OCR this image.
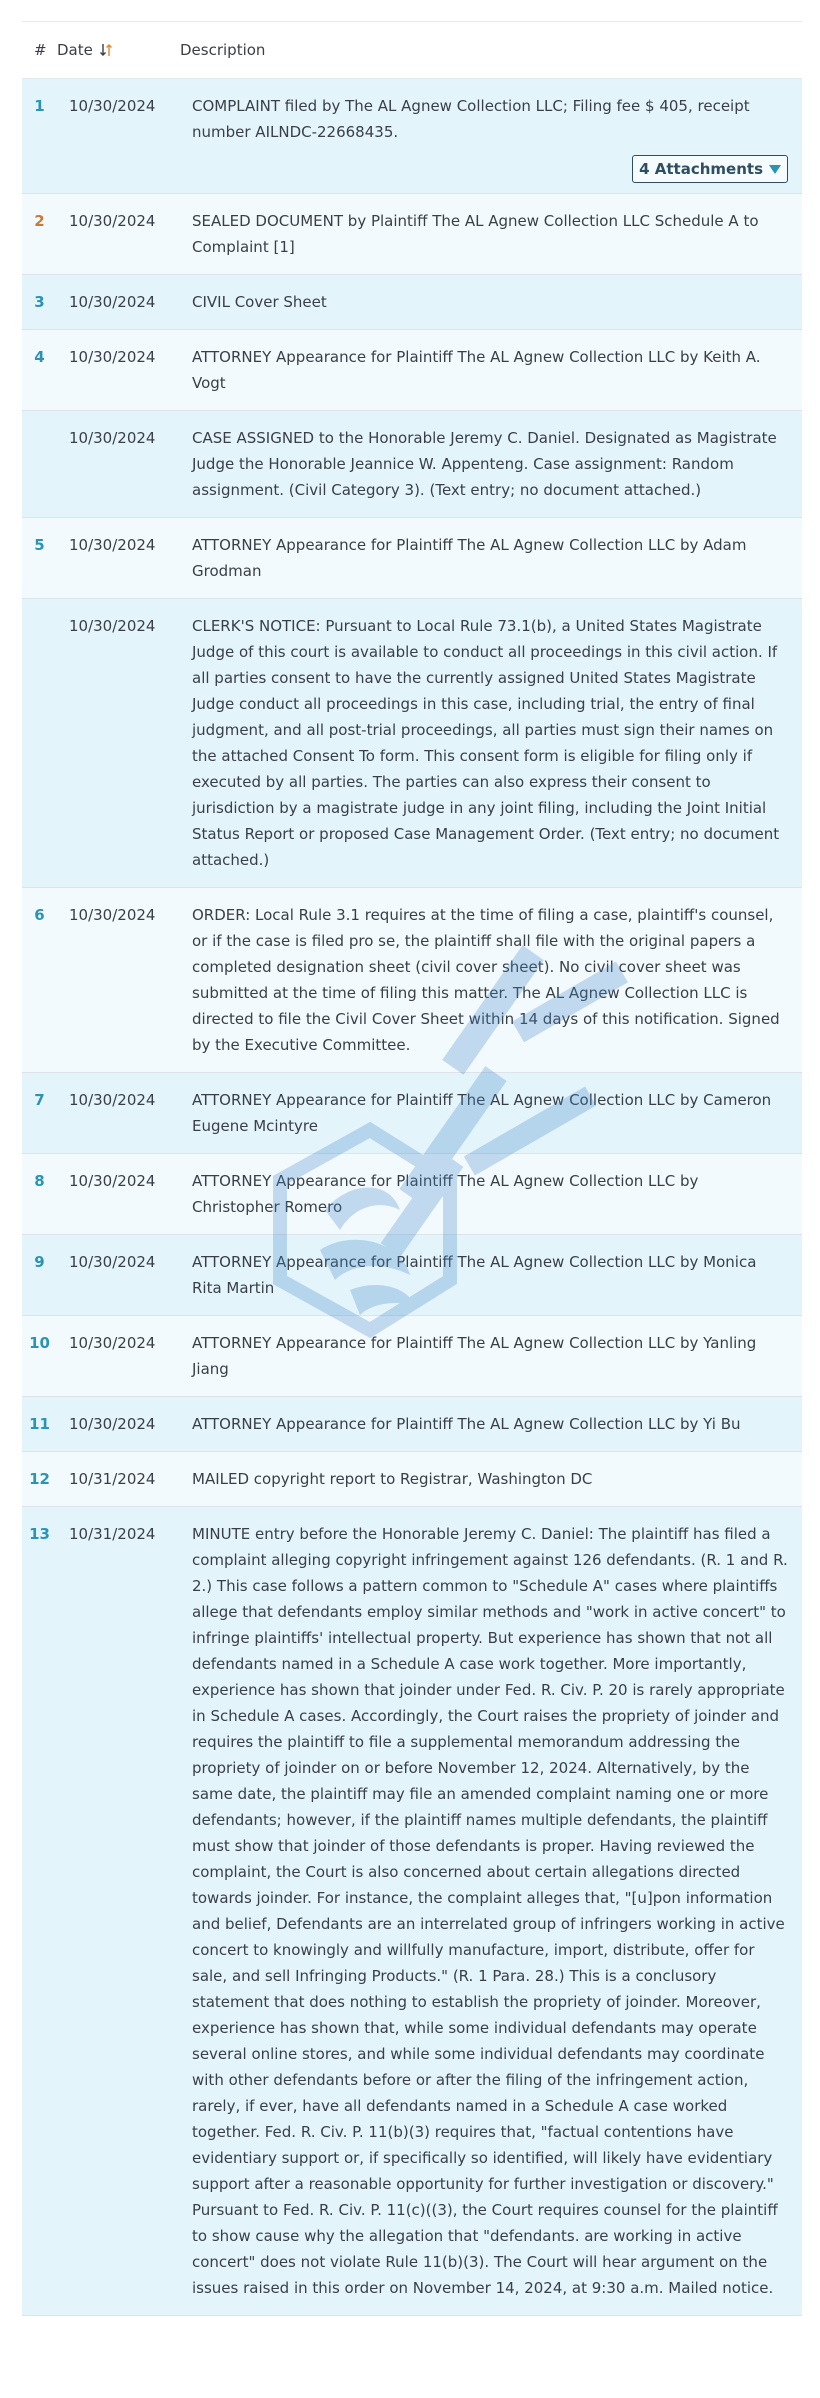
# Date	Description
1	10/30/2024	COMPLAINT filed by The AL Agnew Collection LLC; Filing fee $ 405, receipt number AILNDC-22668435.
4 Attachments

2	10/30/2024	SEALED DOCUMENT by Plaintiff The AL Agnew Collection LLC Schedule A to Complaint [1]

3	10/30/2024	CIVIL Cover Sheet

4	10/30/2024	ATTORNEY Appearance for Plaintiff The AL Agnew Collection LLC by Keith A. Vogt

	10/30/2024	CASE ASSIGNED to the Honorable Jeremy C. Daniel. Designated as Magistrate Judge the Honorable Jeannice W. Appenteng. Case assignment: Random assignment. (Civil Category 3). (Text entry; no document attached.)

5	10/30/2024	ATTORNEY Appearance for Plaintiff The AL Agnew Collection LLC by Adam Grodman

	10/30/2024	CLERK'S NOTICE: Pursuant to Local Rule 73.1(b), a United States Magistrate Judge of this court is available to conduct all proceedings in this civil action. If all parties consent to have the currently assigned United States Magistrate Judge conduct all proceedings in this case, including trial, the entry of final judgment, and all post-trial proceedings, all parties must sign their names on the attached Consent To form. This consent form is eligible for filing only if executed by all parties. The parties can also express their consent to jurisdiction by a magistrate judge in any joint filing, including the Joint Initial Status Report or proposed Case Management Order. (Text entry; no document attached.)

6	10/30/2024	ORDER: Local Rule 3.1 requires at the time of filing a case, plaintiff's counsel, or if the case is filed pro se, the plaintiff shall file with the original papers a completed designation sheet (civil cover sheet). No civil cover sheet was submitted at the time of filing this matter. The AL Agnew Collection LLC is directed to file the Civil Cover Sheet within 14 days of this notification. Signed by the Executive Committee.

7	10/30/2024	ATTORNEY Appearance for Plaintiff The AL Agnew Collection LLC by Cameron Eugene Mcintyre

8	10/30/2024	ATTORNEY Appearance for Plaintiff The AL Agnew Collection LLC by Christopher Romero

9	10/30/2024	ATTORNEY Appearance for Plaintiff The AL Agnew Collection LLC by Monica Rita Martin

10	10/30/2024	ATTORNEY Appearance for Plaintiff The AL Agnew Collection LLC by Yanling Jiang

11	10/30/2024	ATTORNEY Appearance for Plaintiff The AL Agnew Collection LLC by Yi Bu

12	10/31/2024	MAILED copyright report to Registrar, Washington DC

13	10/31/2024	MINUTE entry before the Honorable Jeremy C. Daniel: The plaintiff has filed a complaint alleging copyright infringement against 126 defendants. (R. 1 and R. 2.) This case follows a pattern common to "Schedule A" cases where plaintiffs allege that defendants employ similar methods and "work in active concert" to infringe plaintiffs' intellectual property. But experience has shown that not all defendants named in a Schedule A case work together. More importantly, experience has shown that joinder under Fed. R. Civ. P. 20 is rarely appropriate in Schedule A cases. Accordingly, the Court raises the propriety of joinder and requires the plaintiff to file a supplemental memorandum addressing the propriety of joinder on or before November 12, 2024. Alternatively, by the same date, the plaintiff may file an amended complaint naming one or more defendants; however, if the plaintiff names multiple defendants, the plaintiff must show that joinder of those defendants is proper. Having reviewed the complaint, the Court is also concerned about certain allegations directed towards joinder. For instance, the complaint alleges that, "[u]pon information and belief, Defendants are an interrelated group of infringers working in active concert to knowingly and willfully manufacture, import, distribute, offer for sale, and sell Infringing Products." (R. 1 Para. 28.) This is a conclusory statement that does nothing to establish the propriety of joinder. Moreover, experience has shown that, while some individual defendants may operate several online stores, and while some individual defendants may coordinate with other defendants before or after the filing of the infringement action, rarely, if ever, have all defendants named in a Schedule A case worked together. Fed. R. Civ. P. 11(b)(3) requires that, "factual contentions have evidentiary support or, if specifically so identified, will likely have evidentiary support after a reasonable opportunity for further investigation or discovery." Pursuant to Fed. R. Civ. P. 11(c)((3), the Court requires counsel for the plaintiff to show cause why the allegation that "defendants. are working in active concert" does not violate Rule 11(b)(3). The Court will hear argument on the issues raised in this order on November 14, 2024, at 9:30 a.m. Mailed notice.
